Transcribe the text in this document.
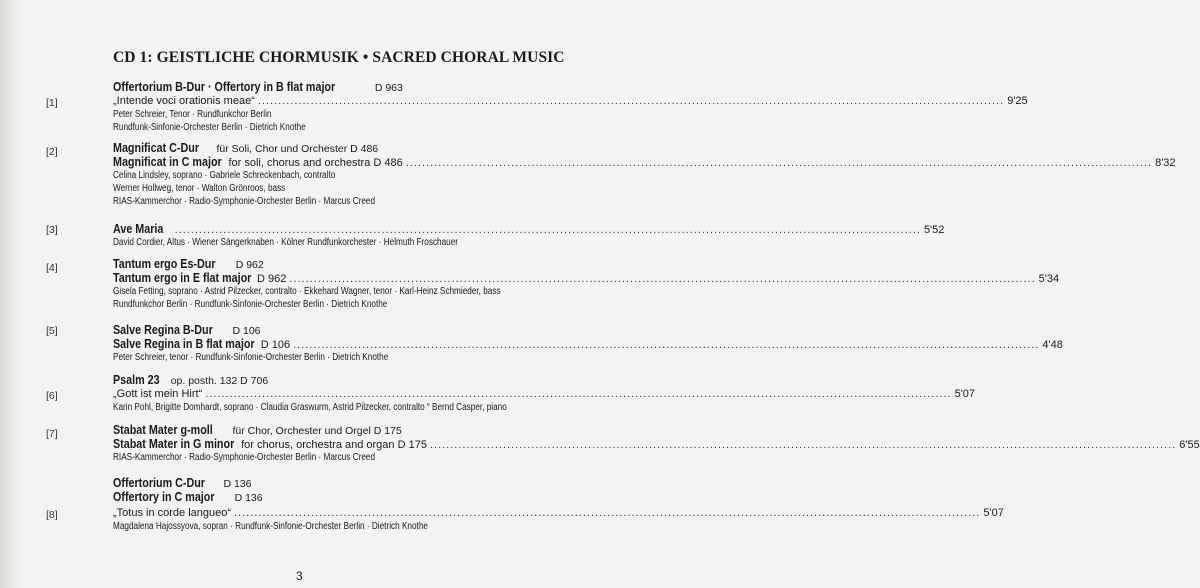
CD 1: GEISTLICHE CHORMUSIK • SACRED CHORAL MUSIC
[1]
Offertorium B-Dur · Offertory in B flat major	D 963
„Intende voci orationis meae“ .....	9'25
Peter Schreier, Tenor · Rundfunkchor Berlin
Rundfunk-Sinfonie-Orchester Berlin · Dietrich Knothe
[2]	Magnificat C-Dur für Soli, Chor und Orchester D 486
Magnificat in C major for soli, chorus and orchestra D 486 .....	8'32
Celina Lindsley, soprano · Gabriele Schreckenbach, contralto
Werner Hollweg, tenor · Walton Grönroos, bass
RIAS-Kammerchor · Radio-Symphonie-Orchester Berlin · Marcus Creed
[3]	Ave Maria .....	5'52
David Cordier, Altus · Wiener Sängerknaben · Kölner Rundfunkorchester · Helmuth Froschauer
[4]	Tantum ergo Es-Dur D 962
Tantum ergo in E flat major D 962 .....	5'34
Gisela Fetting, soprano · Astrid Pilzecker, contralto · Ekkehard Wagner, tenor · Karl-Heinz Schmieder, bass
Rundfunkchor Berlin · Rundfunk-Sinfonie-Orchester Berlin · Dietrich Knothe
[5]	Salve Regina B-Dur D 106
Salve Regina in B flat major D 106 .....	4'48
Peter Schreier, tenor · Rundfunk-Sinfonie-Orchester Berlin · Dietrich Knothe
[6]
Psalm 23 op. posth. 132 D 706
„Gott ist mein Hirt“ .....	5'07
Karin Pohl, Brigitte Domhardt, soprano · Claudia Graswurm, Astrid Pilzecker, contralto “ Bernd Casper, piano
[7]	Stabat Mater g-moll für Chor, Orchester und Orgel D 175
Stabat Mater in G minor for chorus, orchestra and organ D 175 .....	6'55
RIAS-Kammerchor · Radio-Symphonie-Orchester Berlin · Marcus Creed
[8]
Offertorium C-Dur D 136
Offertory in C major D 136
„Totus in corde langueo“ .....	5'07
Magdalena Hajossyova, sopran · Rundfunk-Sinfonie-Orchester Berlin · Dietrich Knothe
3
